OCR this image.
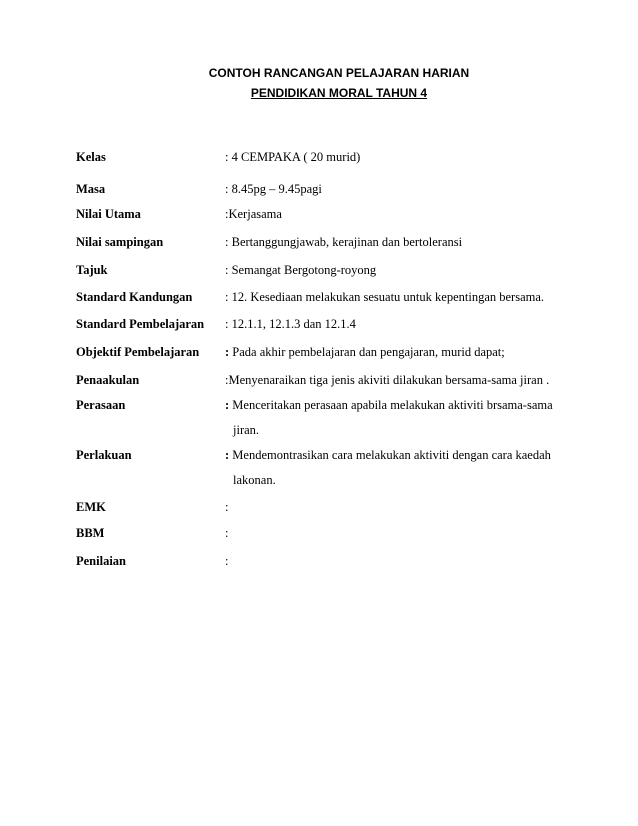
CONTOH RANCANGAN PELAJARAN HARIAN
PENDIDIKAN MORAL TAHUN 4
Kelas	: 4 CEMPAKA ( 20 murid)
Masa	: 8.45pg – 9.45pagi
Nilai Utama	:Kerjasama
Nilai sampingan	: Bertanggungjawab, kerajinan dan bertoleransi
Tajuk	: Semangat Bergotong-royong
Standard Kandungan	: 12. Kesediaan melakukan sesuatu untuk kepentingan bersama.
Standard Pembelajaran : 12.1.1, 12.1.3 dan 12.1.4
Objektif Pembelajaran : Pada akhir pembelajaran dan pengajaran, murid dapat;
Penaakulan	:Menyenaraikan tiga jenis akiviti dilakukan bersama-sama jiran .
Perasaan	: Menceritakan perasaan apabila melakukan aktiviti brsama-sama
jiran.
Perlakuan	: Mendemontrasikan cara melakukan aktiviti dengan cara kaedah
lakonan.
EMK	:
BBM	:
Penilaian	:
